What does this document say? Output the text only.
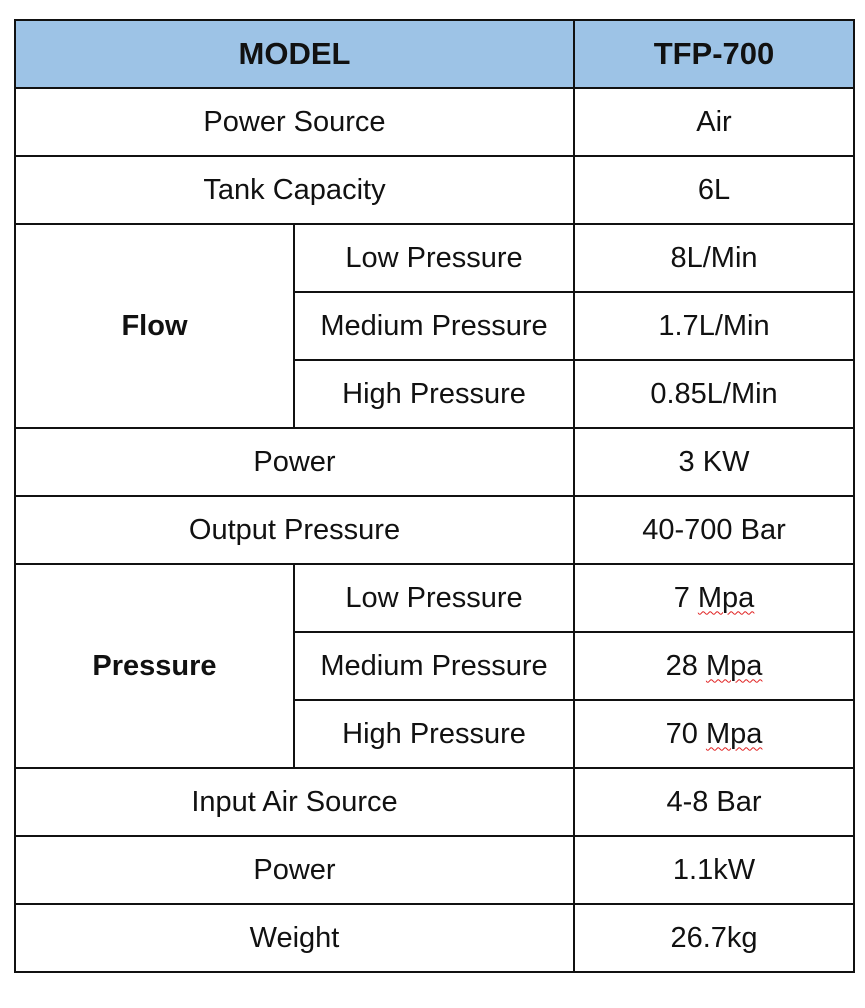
MODEL		TFP-700
Power Source		Air
Tank Capacity		6L
Flow	Low Pressure	8L/Min
	Medium Pressure	1.7L/Min
	High Pressure	0.85L/Min
Power		3 KW
Output Pressure		40-700 Bar
Pressure	Low Pressure	7 Mpa
	Medium Pressure	28 Mpa
	High Pressure	70 Mpa
Input Air Source		4-8 Bar
Power		1.1kW
Weight		26.7kg
